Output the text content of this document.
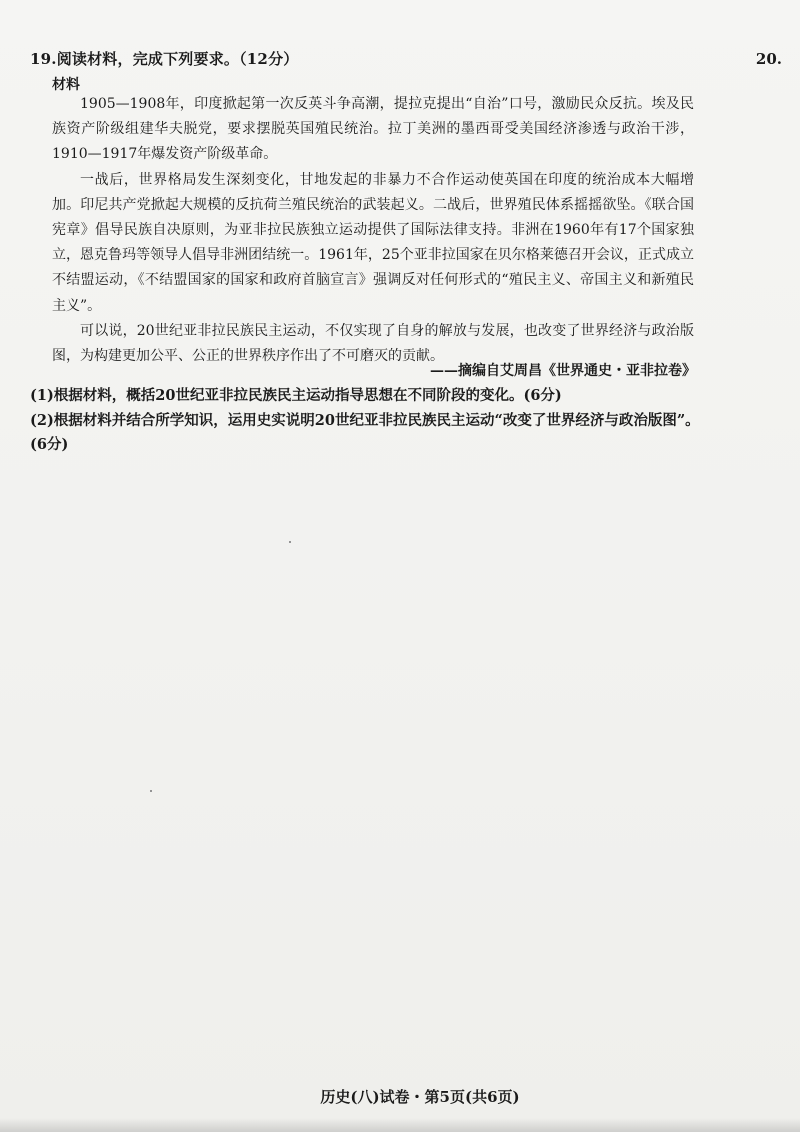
19.阅读材料，完成下列要求。（12分）	20.
材料

1905—1908年，印度掀起第一次反英斗争高潮，提拉克提出“自治”口号，激励民众反抗。埃及民族资产阶级组建华夫脱党，要求摆脱英国殖民统治。拉丁美洲的墨西哥受美国经济渗透与政治干涉，1910—1917年爆发资产阶级革命。

一战后，世界格局发生深刻变化，甘地发起的非暴力不合作运动使英国在印度的统治成本大幅增加。印尼共产党掀起大规模的反抗荷兰殖民统治的武装起义。二战后，世界殖民体系摇摇欲坠。《联合国宪章》倡导民族自决原则，为亚非拉民族独立运动提供了国际法律支持。非洲在1960年有17个国家独立，恩克鲁玛等领导人倡导非洲团结统一。1961年，25个亚非拉国家在贝尔格莱德召开会议，正式成立不结盟运动，《不结盟国家的国家和政府首脑宣言》强调反对任何形式的“殖民主义、帝国主义和新殖民主义”。

可以说，20世纪亚非拉民族民主运动，不仅实现了自身的解放与发展，也改变了世界经济与政治版图，为构建更加公平、公正的世界秩序作出了不可磨灭的贡献。

——摘编自艾周昌《世界通史・亚非拉卷》
(1)根据材料，概括20世纪亚非拉民族民主运动指导思想在不同阶段的变化。(6分)
(2)根据材料并结合所学知识，运用史实说明20世纪亚非拉民族民主运动“改变了世界经济与政治版图”。(6分)
历史(八)试卷・第5页(共6页)
